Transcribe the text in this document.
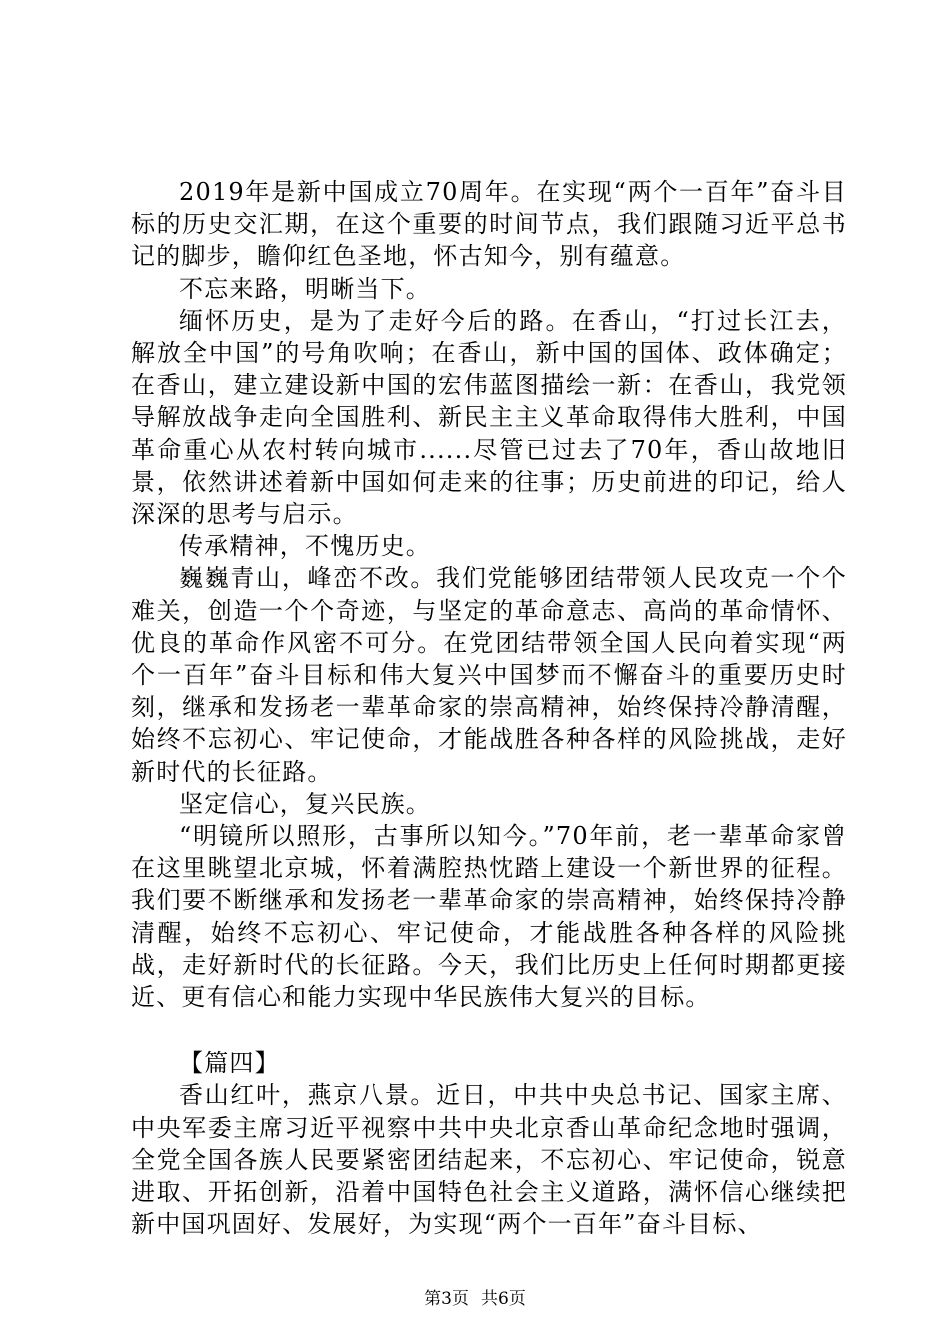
2019年是新中国成立70周年。在实现“两个一百年”奋斗目标的历史交汇期，在这个重要的时间节点，我们跟随习近平总书记的脚步，瞻仰红色圣地，怀古知今，别有蕴意。

不忘来路，明晰当下。

缅怀历史，是为了走好今后的路。在香山，“打过长江去，解放全中国”的号角吹响；在香山，新中国的国体、政体确定；在香山，建立建设新中国的宏伟蓝图描绘一新：在香山，我党领导解放战争走向全国胜利、新民主主义革命取得伟大胜利，中国革命重心从农村转向城市......尽管已过去了70年，香山故地旧景，依然讲述着新中国如何走来的往事；历史前进的印记，给人深深的思考与启示。

传承精神，不愧历史。

巍巍青山，峰峦不改。我们党能够团结带领人民攻克一个个难关，创造一个个奇迹，与坚定的革命意志、高尚的革命情怀、优良的革命作风密不可分。在党团结带领全国人民向着实现“两个一百年”奋斗目标和伟大复兴中国梦而不懈奋斗的重要历史时刻，继承和发扬老一辈革命家的崇高精神，始终保持冷静清醒，始终不忘初心、牢记使命，才能战胜各种各样的风险挑战，走好新时代的长征路。

坚定信心，复兴民族。

“明镜所以照形，古事所以知今。”70年前，老一辈革命家曾在这里眺望北京城，怀着满腔热忱踏上建设一个新世界的征程。我们要不断继承和发扬老一辈革命家的崇高精神，始终保持冷静清醒，始终不忘初心、牢记使命，才能战胜各种各样的风险挑战，走好新时代的长征路。今天，我们比历史上任何时期都更接近、更有信心和能力实现中华民族伟大复兴的目标。

【篇四】

香山红叶，燕京八景。近日，中共中央总书记、国家主席、中央军委主席习近平视察中共中央北京香山革命纪念地时强调，全党全国各族人民要紧密团结起来，不忘初心、牢记使命，锐意进取、开拓创新，沿着中国特色社会主义道路，满怀信心继续把新中国巩固好、发展好，为实现“两个一百年”奋斗目标、

第3页 共6页
